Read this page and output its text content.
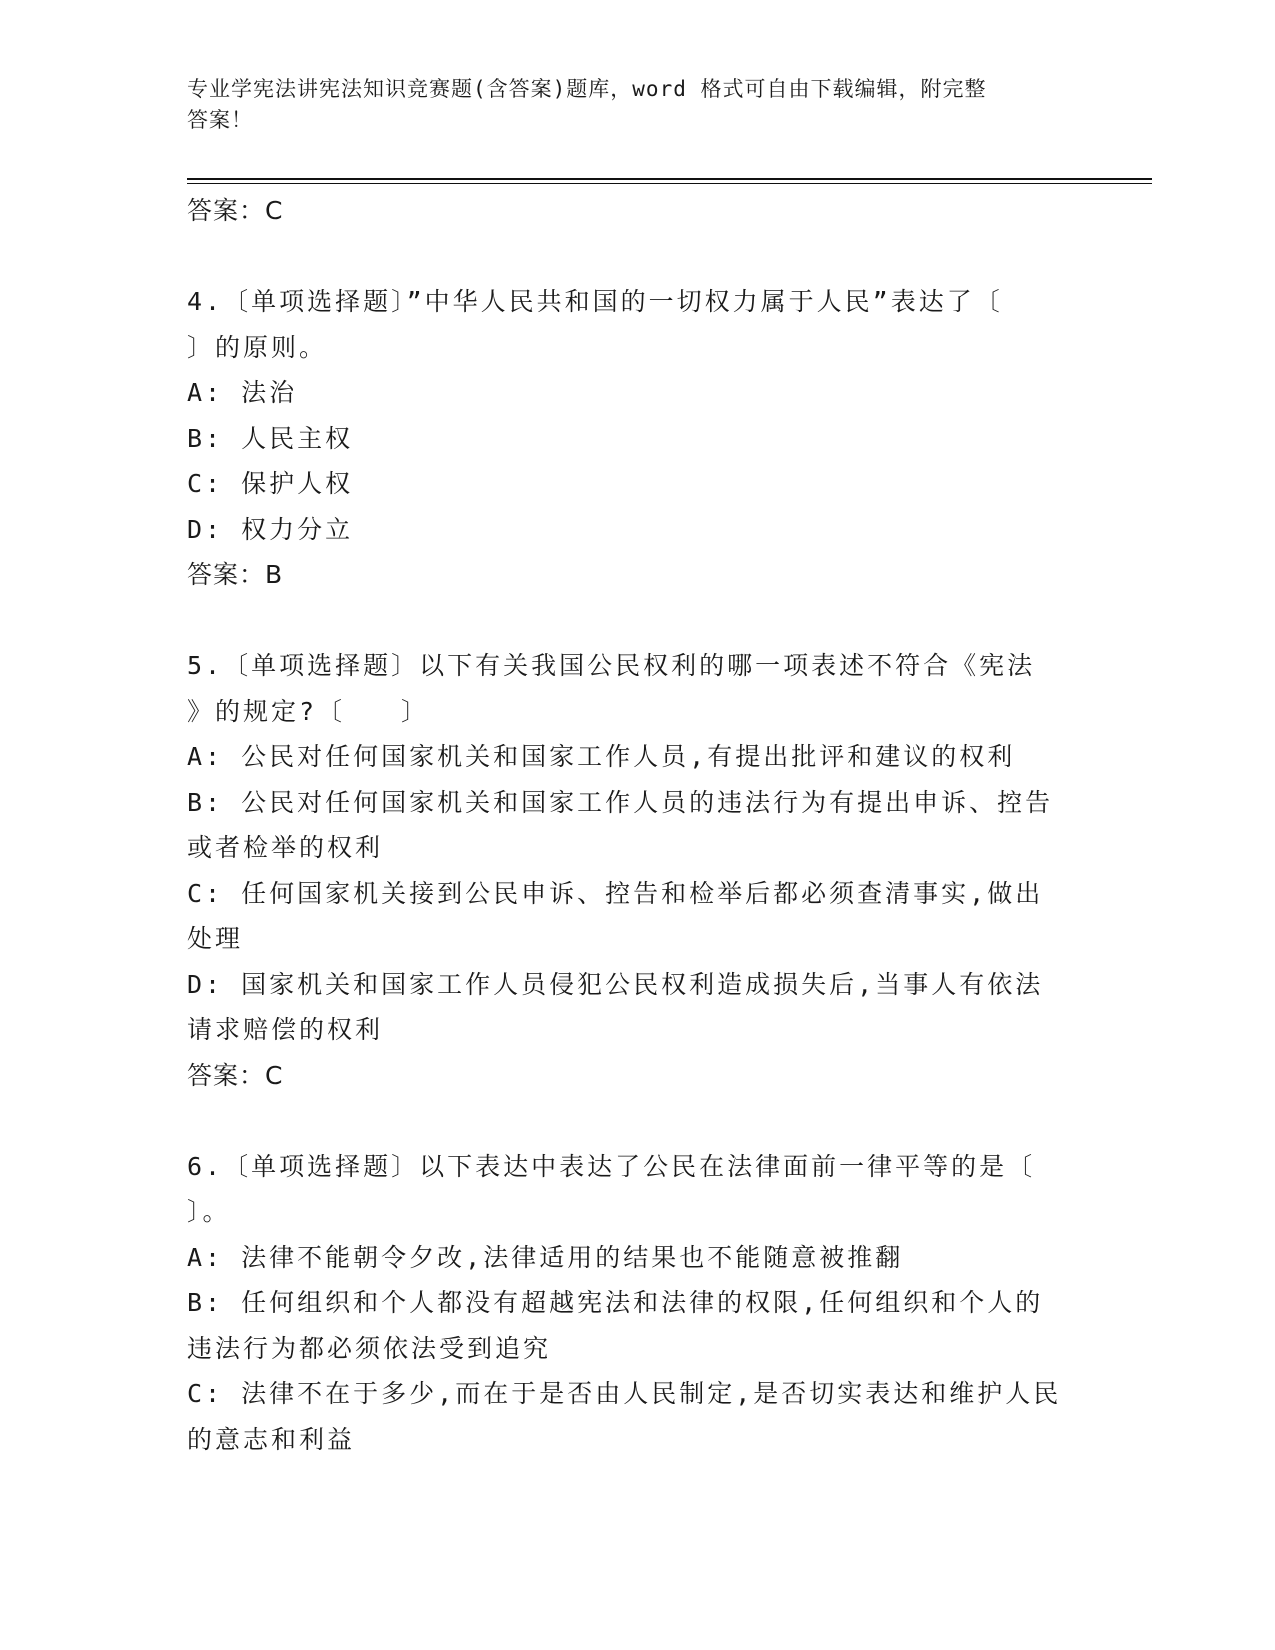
专业学宪法讲宪法知识竞赛题(含答案)题库，word 格式可自由下载编辑，附完整
答案！
答案：C
4.〔单项选择题〕”中华人民共和国的一切权力属于人民”表达了〔
〕的原则。
A: 法治
B: 人民主权
C: 保护人权
D: 权力分立
答案：B
5.〔单项选择题〕以下有关我国公民权利的哪一项表述不符合《宪法
》的规定?〔　　〕
A: 公民对任何国家机关和国家工作人员,有提出批评和建议的权利
B: 公民对任何国家机关和国家工作人员的违法行为有提出申诉、控告
或者检举的权利
C: 任何国家机关接到公民申诉、控告和检举后都必须查清事实,做出
处理
D: 国家机关和国家工作人员侵犯公民权利造成损失后,当事人有依法
请求赔偿的权利
答案：C
6.〔单项选择题〕以下表达中表达了公民在法律面前一律平等的是〔
〕。
A: 法律不能朝令夕改,法律适用的结果也不能随意被推翻
B: 任何组织和个人都没有超越宪法和法律的权限,任何组织和个人的
违法行为都必须依法受到追究
C: 法律不在于多少,而在于是否由人民制定,是否切实表达和维护人民
的意志和利益
